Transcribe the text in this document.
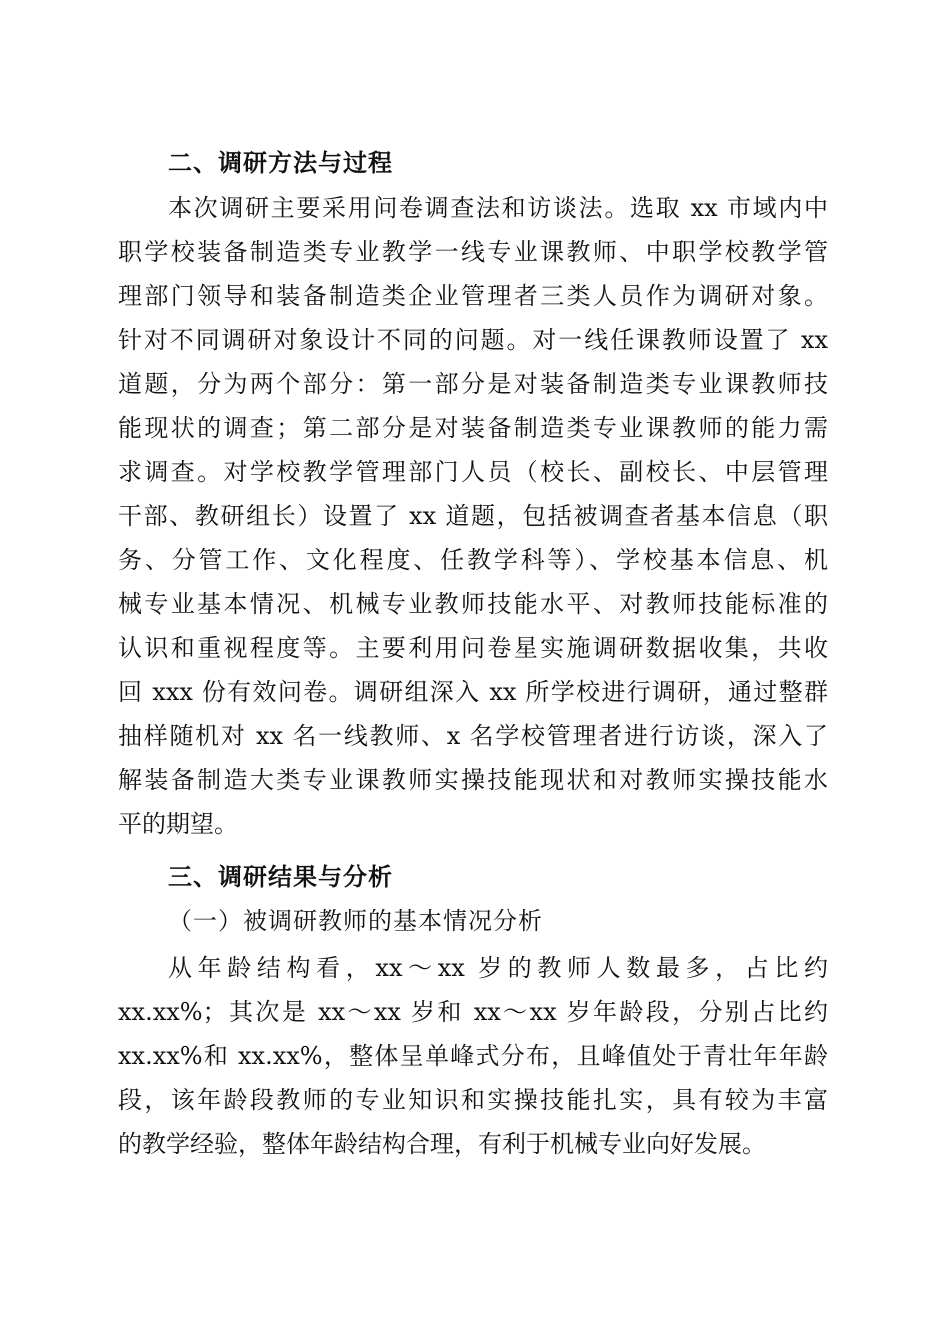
二、调研方法与过程
本次调研主要采用问卷调查法和访谈法。选取 xx 市域内中
职学校装备制造类专业教学一线专业课教师、中职学校教学管
理部门领导和装备制造类企业管理者三类人员作为调研对象。
针对不同调研对象设计不同的问题。对一线任课教师设置了 xx
道题，分为两个部分：第一部分是对装备制造类专业课教师技
能现状的调查；第二部分是对装备制造类专业课教师的能力需
求调查。对学校教学管理部门人员（校长、副校长、中层管理
干部、教研组长）设置了 xx 道题，包括被调查者基本信息（职
务、分管工作、文化程度、任教学科等）、学校基本信息、机
械专业基本情况、机械专业教师技能水平、对教师技能标准的
认识和重视程度等。主要利用问卷星实施调研数据收集，共收
回 xxx 份有效问卷。调研组深入 xx 所学校进行调研，通过整群
抽样随机对 xx 名一线教师、x 名学校管理者进行访谈，深入了
解装备制造大类专业课教师实操技能现状和对教师实操技能水
平的期望。
三、调研结果与分析
（一）被调研教师的基本情况分析
从年龄结构看，xx～xx 岁的教师人数最多，占比约
xx.xx%；其次是 xx～xx 岁和 xx～xx 岁年龄段，分别占比约
xx.xx%和 xx.xx%，整体呈单峰式分布，且峰值处于青壮年年龄
段，该年龄段教师的专业知识和实操技能扎实，具有较为丰富
的教学经验，整体年龄结构合理，有利于机械专业向好发展。
